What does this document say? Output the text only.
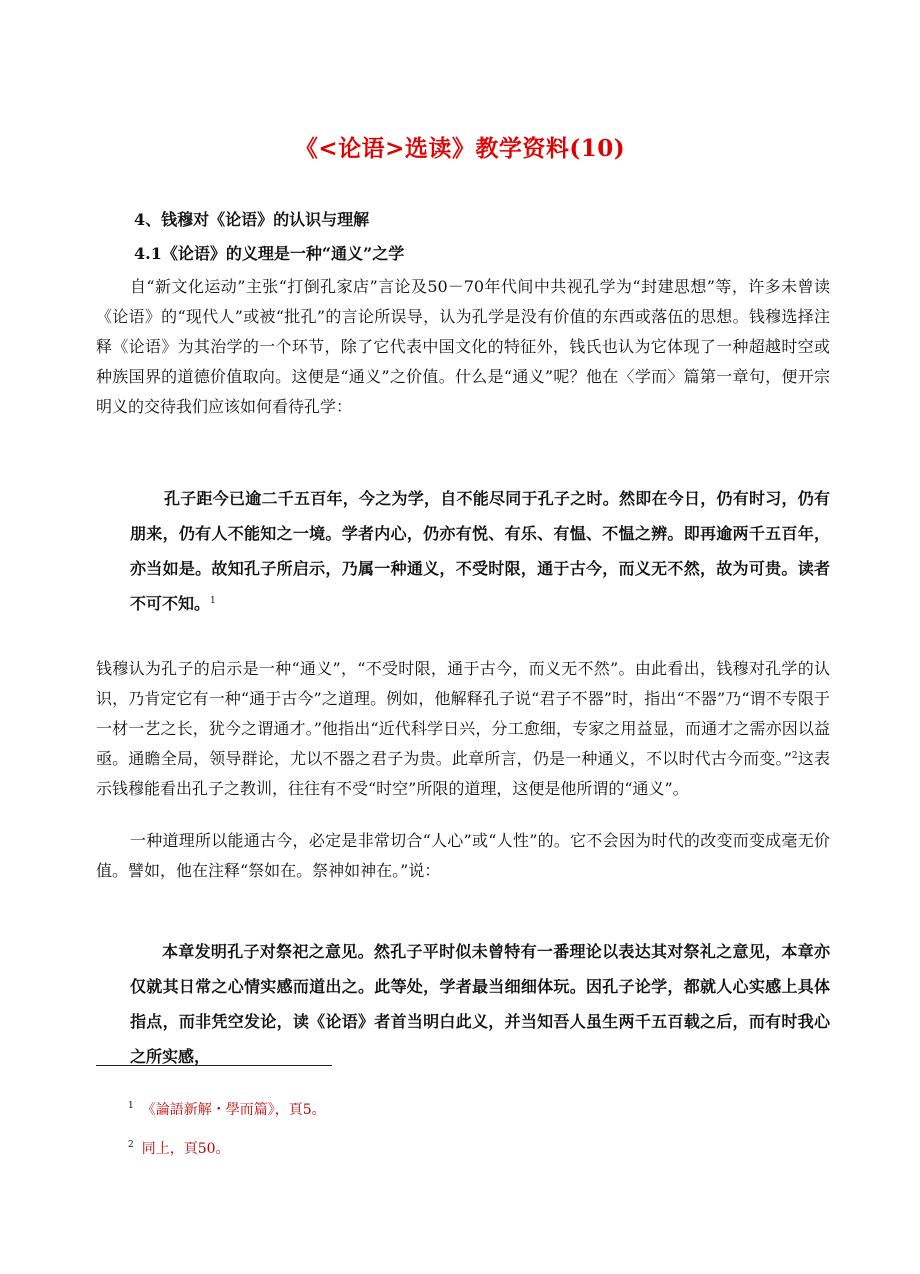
《<论语>选读》教学资料(10)
4、钱穆对《论语》的认识与理解
4.1《论语》的义理是一种“通义”之学
自“新文化运动”主张“打倒孔家店”言论及50－70年代间中共视孔学为“封建思想”等，许多未曾读《论语》的“现代人”或被“批孔”的言论所误导，认为孔学是没有价值的东西或落伍的思想。钱穆选择注释《论语》为其治学的一个环节，除了它代表中国文化的特征外，钱氏也认为它体现了一种超越时空或种族国界的道德价值取向。这便是“通义”之价值。什么是“通义”呢？他在〈学而〉篇第一章句，便开宗明义的交待我们应该如何看待孔学：
孔子距今已逾二千五百年，今之为学，自不能尽同于孔子之时。然即在今日，仍有时习，仍有朋来，仍有人不能知之一境。学者内心，仍亦有悦、有乐、有愠、不愠之辨。即再逾两千五百年，亦当如是。故知孔子所启示，乃属一种通义，不受时限，通于古今，而义无不然，故为可贵。读者不可不知。$^1$
钱穆认为孔子的启示是一种“通义”，“不受时限，通于古今，而义无不然”。由此看出，钱穆对孔学的认识，乃肯定它有一种“通于古今”之道理。例如，他解释孔子说“君子不器”时，指出“不器”乃“谓不专限于一材一艺之长，犹今之谓通才。”他指出“近代科学日兴，分工愈细，专家之用益显，而通才之需亦因以益亟。通瞻全局，领导群论，尤以不器之君子为贵。此章所言，仍是一种通义，不以时代古今而变。”$^2$这表示钱穆能看出孔子之教训，往往有不受“时空”所限的道理，这便是他所谓的“通义”。
一种道理所以能通古今，必定是非常切合“人心”或“人性”的。它不会因为时代的改变而变成毫无价值。譬如，他在注释“祭如在。祭神如神在。”说：
本章发明孔子对祭祀之意见。然孔子平时似未曾特有一番理论以表达其对祭礼之意见，本章亦仅就其日常之心情实感而道出之。此等处，学者最当细细体玩。因孔子论学，都就人心实感上具体指点，而非凭空发论，读《论语》者首当明白此义，并当知吾人虽生两千五百载之后，而有时我心之所实感，
$^1$ 《論語新解・學而篇》，頁5。
$^2$ 同上，頁50。
